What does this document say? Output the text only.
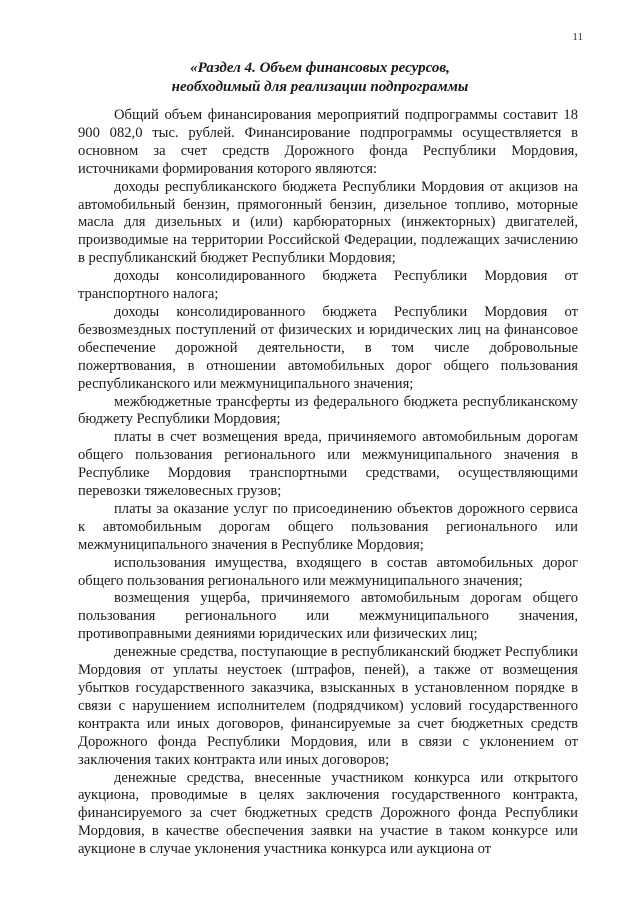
11
«Раздел 4. Объем финансовых ресурсов,
необходимый для реализации подпрограммы

Общий объем финансирования мероприятий подпрограммы составит 18 900 082,0 тыс. рублей. Финансирование подпрограммы осуществляется в основном за счет средств Дорожного фонда Республики Мордовия, источниками формирования которого являются:

доходы республиканского бюджета Республики Мордовия от акцизов на автомобильный бензин, прямогонный бензин, дизельное топливо, моторные масла для дизельных и (или) карбюраторных (инжекторных) двигателей, производимые на территории Российской Федерации, подлежащих зачислению в республиканский бюджет Республики Мордовия;

доходы консолидированного бюджета Республики Мордовия от транспортного налога;

доходы консолидированного бюджета Республики Мордовия от безвозмездных поступлений от физических и юридических лиц на финансовое обеспечение дорожной деятельности, в том числе добровольные пожертвования, в отношении автомобильных дорог общего пользования республиканского или межмуниципального значения;

межбюджетные трансферты из федерального бюджета республиканскому бюджету Республики Мордовия;

платы в счет возмещения вреда, причиняемого автомобильным дорогам общего пользования регионального или межмуниципального значения в Республике Мордовия транспортными средствами, осуществляющими перевозки тяжеловесных грузов;

платы за оказание услуг по присоединению объектов дорожного сервиса к автомобильным дорогам общего пользования регионального или межмуниципального значения в Республике Мордовия;

использования имущества, входящего в состав автомобильных дорог общего пользования регионального или межмуниципального значения;

возмещения ущерба, причиняемого автомобильным дорогам общего пользования регионального или межмуниципального значения, противоправными деяниями юридических или физических лиц;

денежные средства, поступающие в республиканский бюджет Республики Мордовия от уплаты неустоек (штрафов, пеней), а также от возмещения убытков государственного заказчика, взысканных в установленном порядке в связи с нарушением исполнителем (подрядчиком) условий государственного контракта или иных договоров, финансируемые за счет бюджетных средств Дорожного фонда Республики Мордовия, или в связи с уклонением от заключения таких контракта или иных договоров;

денежные средства, внесенные участником конкурса или открытого аукциона, проводимые в целях заключения государственного контракта, финансируемого за счет бюджетных средств Дорожного фонда Республики Мордовия, в качестве обеспечения заявки на участие в таком конкурсе или аукционе в случае уклонения участника конкурса или аукциона от
